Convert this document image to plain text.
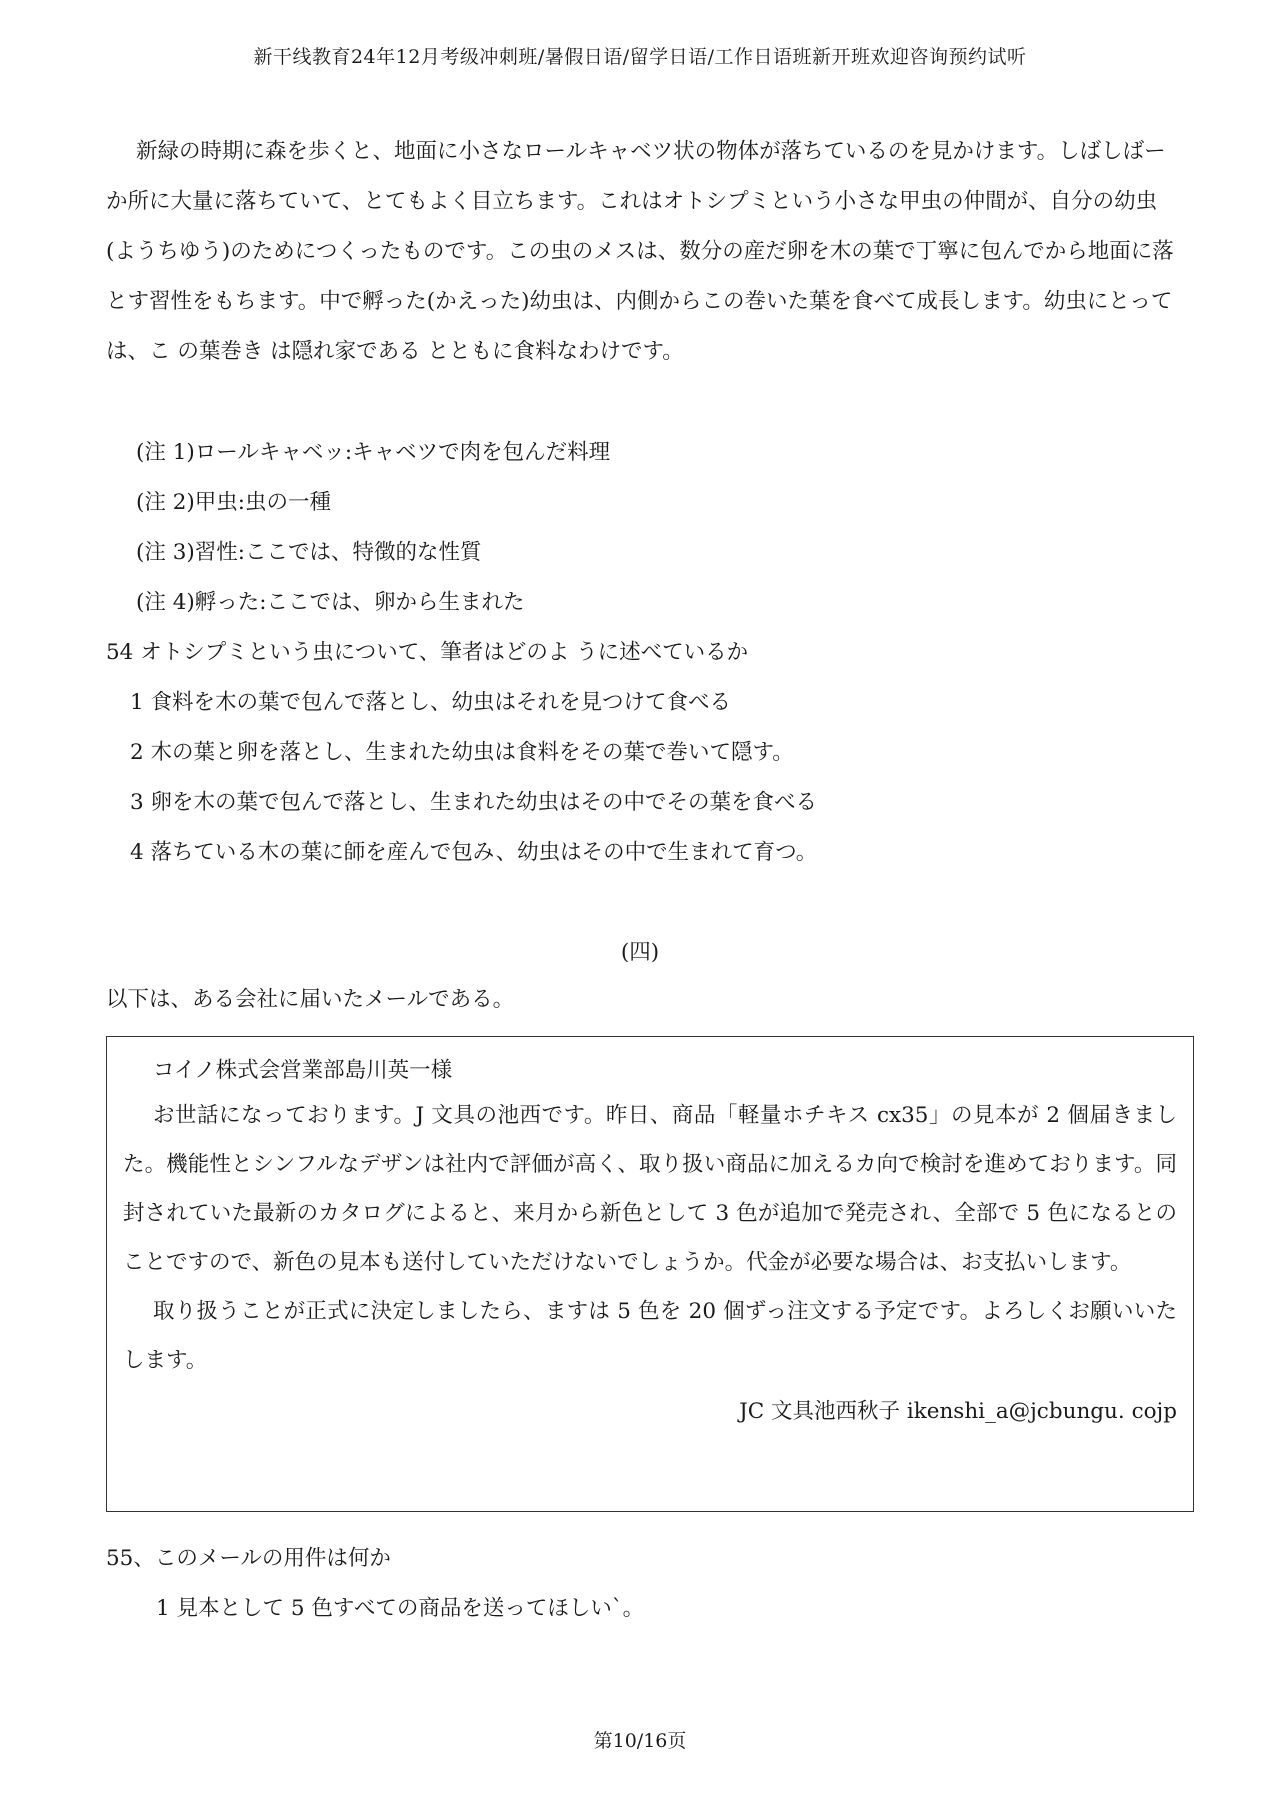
新干线教育24年12月考级冲刺班/暑假日语/留学日语/工作日语班新开班欢迎咨询预约试听

新緑の時期に森を歩くと、地面に小さなロールキャベツ状の物体が落ちているのを見かけます。しばしばーか所に大量に落ちていて、とてもよく目立ちます。これはオトシプミという小さな甲虫の仲間が、自分の幼虫(ようちゆう)のためにつくったものです。この虫のメスは、数分の産だ卵を木の葉で丁寧に包んでから地面に落とす習性をもちます。中で孵った(かえった)幼虫は、内側からこの巻いた葉を食べて成長します。幼虫にとっては、こ の葉巻き は隠れ家である とともに食料なわけです。

(注 1)ロールキャベッ:キャベツで肉を包んだ料理
(注 2)甲虫:虫の一種
(注 3)習性:ここでは、特徴的な性質
(注 4)孵った:ここでは、卵から生まれた
54 オトシプミという虫について、筆者はどのよ うに述べているか
1 食料を木の葉で包んで落とし、幼虫はそれを見つけて食べる
2 木の葉と卵を落とし、生まれた幼虫は食料をその葉で巻いて隠す。
3 卵を木の葉で包んで落とし、生まれた幼虫はその中でその葉を食べる
4 落ちている木の葉に師を産んで包み、幼虫はその中で生まれて育つ。
(四)
以下は、ある会社に届いたメールである。
コイノ株式会営業部島川英一様

お世話になっております。J 文具の池西です。昨日、商品「軽量ホチキス cx35」の見本が 2 個届きました。機能性とシンフルなデザンは社内で評価が高く、取り扱い商品に加えるカ向で検討を進めております。同封されていた最新のカタログによると、来月から新色として 3 色が追加で発売され、全部で 5 色になるとのことですので、新色の見本も送付していただけないでしょうか。代金が必要な場合は、お支払いします。

取り扱うことが正式に決定しましたら、ますは 5 色を 20 個ずっ注文する予定です。よろしくお願いいた します。

JC 文具池西秋子 ikenshi_a@jcbungu. cojp
55、このメールの用件は何か
1 見本として 5 色すべての商品を送ってほしい`。
第10/16页
